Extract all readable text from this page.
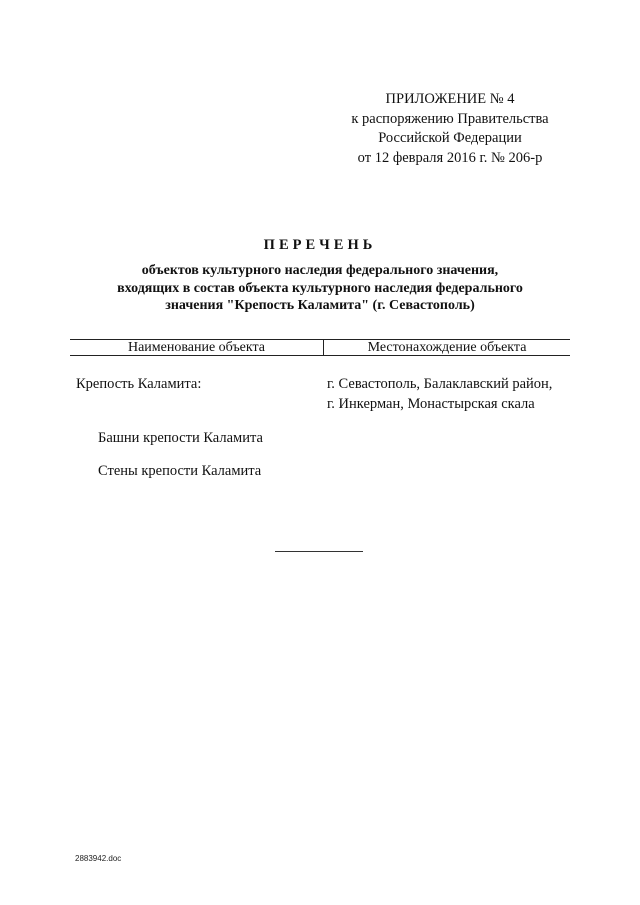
ПРИЛОЖЕНИЕ № 4
к распоряжению Правительства
Российской Федерации
от 12 февраля 2016 г. № 206-р
ПЕРЕЧЕНЬ
объектов культурного наследия федерального значения,
входящих в состав объекта культурного наследия федерального
значения "Крепость Каламита" (г. Севастополь)
Наименование объекта	Местонахождение объекта
Крепость Каламита:	г. Севастополь, Балаклавский район,
г. Инкерман, Монастырская скала
Башни крепости Каламита
Стены крепости Каламита
2883942.doc
